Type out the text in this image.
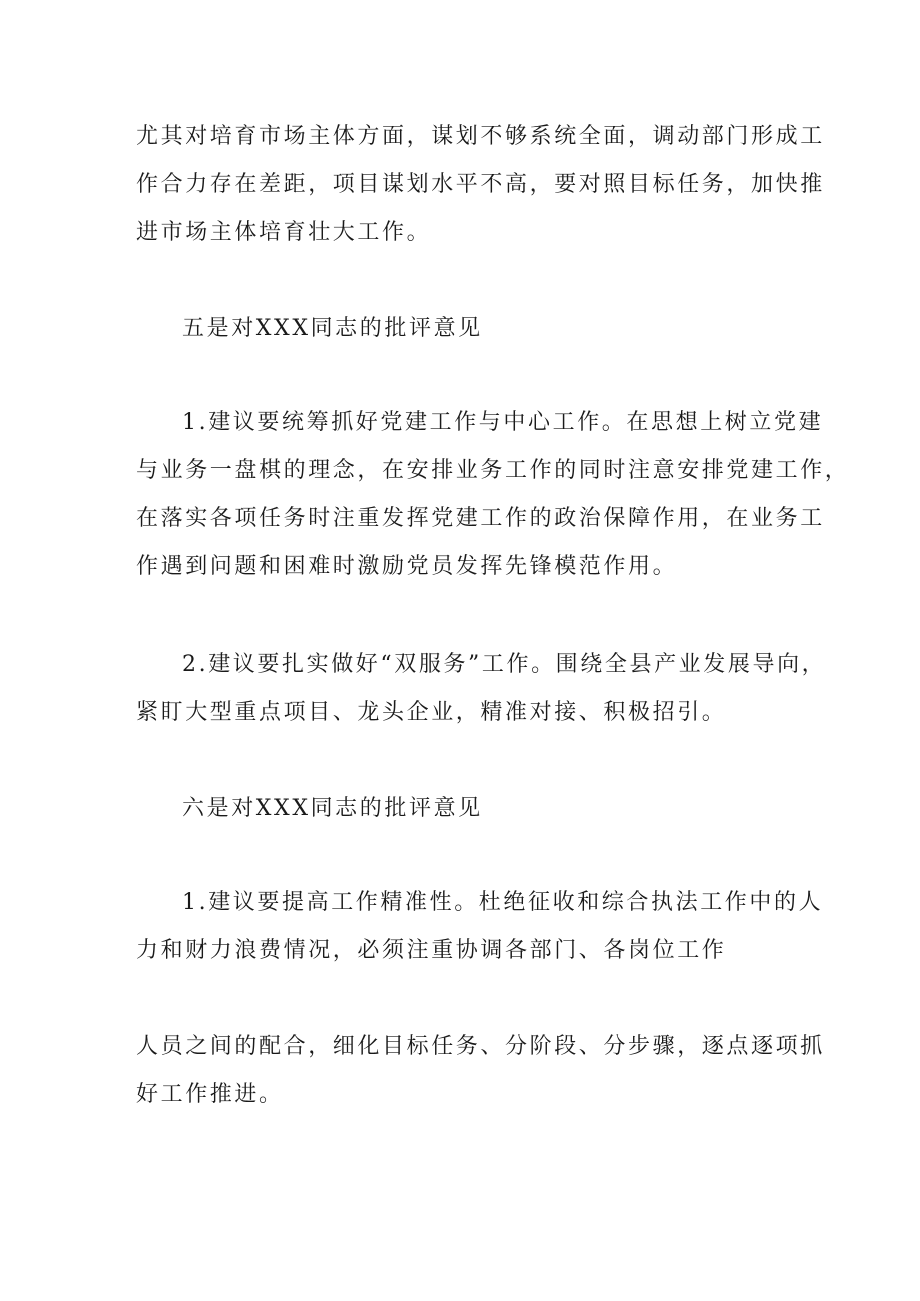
尤其对培育市场主体方面，谋划不够系统全面，调动部门形成工
作合力存在差距，项目谋划水平不高，要对照目标任务，加快推
进市场主体培育壮大工作。
五是对XXX同志的批评意见
1.建议要统筹抓好党建工作与中心工作。在思想上树立党建
与业务一盘棋的理念，在安排业务工作的同时注意安排党建工作，
在落实各项任务时注重发挥党建工作的政治保障作用，在业务工
作遇到问题和困难时激励党员发挥先锋模范作用。
2.建议要扎实做好“双服务”工作。围绕全县产业发展导向，
紧盯大型重点项目、龙头企业，精准对接、积极招引。
六是对XXX同志的批评意见
1.建议要提高工作精准性。杜绝征收和综合执法工作中的人
力和财力浪费情况，必须注重协调各部门、各岗位工作
人员之间的配合，细化目标任务、分阶段、分步骤，逐点逐项抓
好工作推进。
